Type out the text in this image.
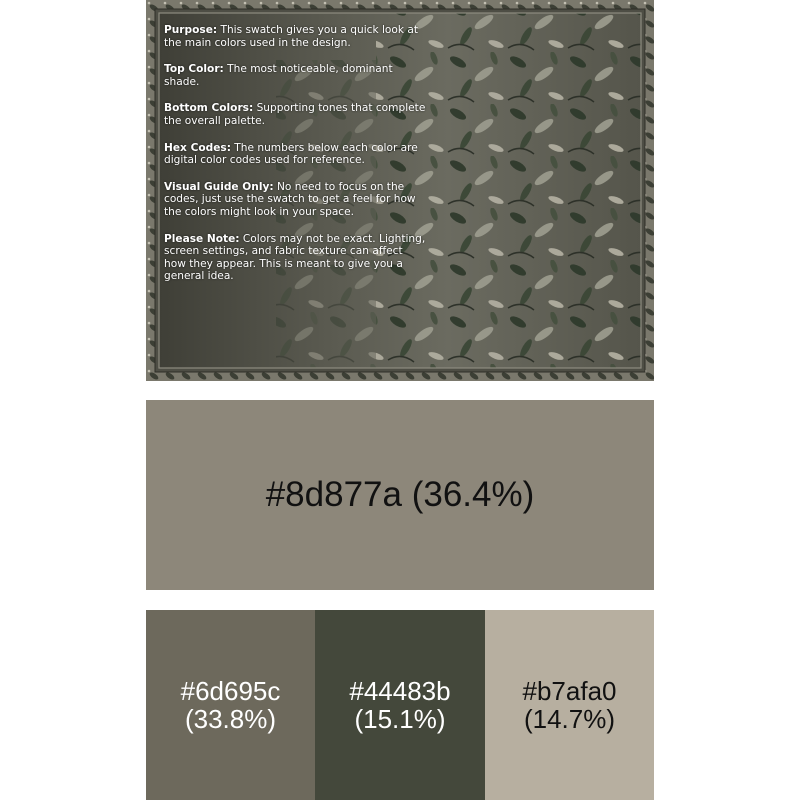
Purpose: This swatch gives you a quick look at the main colors used in the design.

Top Color: The most noticeable, dominant shade.

Bottom Colors: Supporting tones that complete the overall palette.

Hex Codes: The numbers below each color are digital color codes used for reference.

Visual Guide Only: No need to focus on the codes, just use the swatch to get a feel for how the colors might look in your space.

Please Note: Colors may not be exact. Lighting, screen settings, and fabric texture can affect how they appear. This is meant to give you a general idea.

#8d877a (36.4%)
#6d695c
(33.8%)
#44483b
(15.1%)
#b7afa0
(14.7%)
